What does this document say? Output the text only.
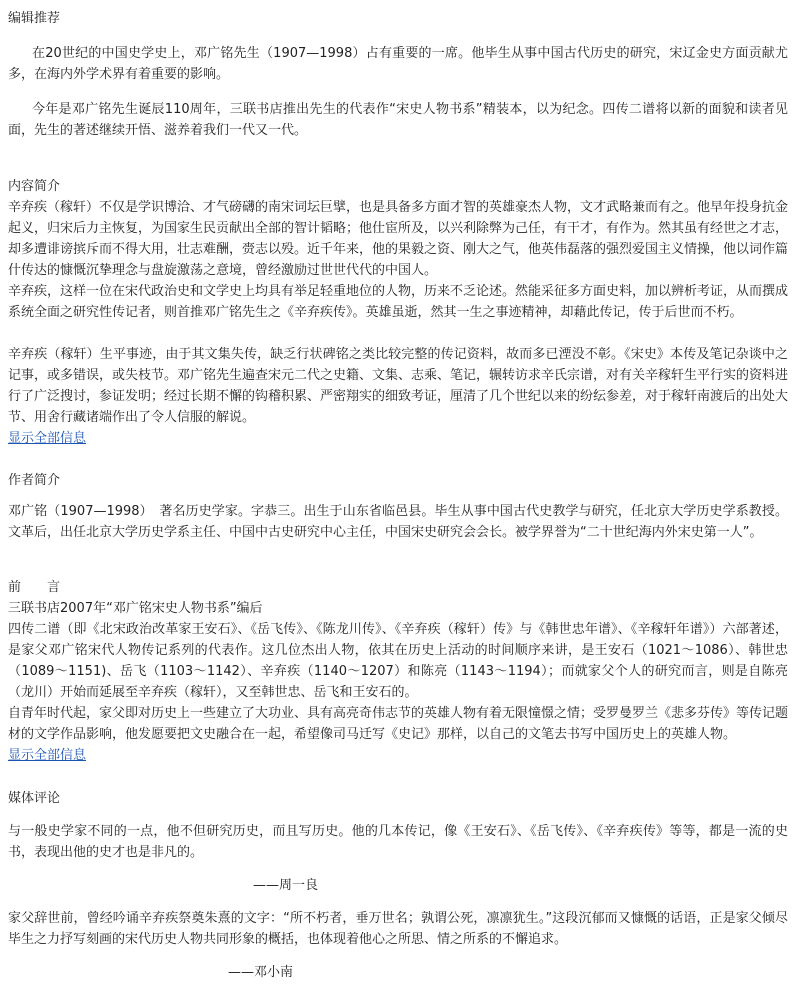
编辑推荐

在20世纪的中国史学史上，邓广铭先生（1907—1998）占有重要的一席。他毕生从事中国古代历史的研究，宋辽金史方面贡献尤多，在海内外学术界有着重要的影响。

今年是邓广铭先生诞辰110周年，三联书店推出先生的代表作“宋史人物书系”精装本，以为纪念。四传二谱将以新的面貌和读者见面，先生的著述继续开悟、滋养着我们一代又一代。

内容简介

辛弃疾（稼轩）不仅是学识博洽、才气磅礴的南宋词坛巨擘，也是具备多方面才智的英雄豪杰人物，文才武略兼而有之。他早年投身抗金起义，归宋后力主恢复，为国家生民贡献出全部的智计韬略；他仕宦所及，以兴利除弊为己任，有干才，有作为。然其虽有经世之才志，却多遭诽谤摈斥而不得大用，壮志难酬，赍志以殁。近千年来，他的果毅之资、刚大之气，他英伟磊落的强烈爱国主义情操，他以词作篇什传达的慷慨沉挚理念与盘旋激荡之意境，曾经激励过世世代代的中国人。

辛弃疾，这样一位在宋代政治史和文学史上均具有举足轻重地位的人物，历来不乏论述。然能采征多方面史料，加以辨析考证，从而撰成系统全面之研究性传记者，则首推邓广铭先生之《辛弃疾传》。英雄虽逝，然其一生之事迹精神，却藉此传记，传于后世而不朽。

辛弃疾（稼轩）生平事迹，由于其文集失传，缺乏行状碑铭之类比较完整的传记资料，故而多已湮没不彰。《宋史》本传及笔记杂谈中之记事，或多错误，或失枝节。邓广铭先生遍查宋元二代之史籍、文集、志乘、笔记，辗转访求辛氏宗谱，对有关辛稼轩生平行实的资料进行了广泛搜讨，参证发明；经过长期不懈的钩稽积累、严密翔实的细致考证，厘清了几个世纪以来的纷纭参差，对于稼轩南渡后的出处大节、用舍行藏诸端作出了令人信服的解说。

显示全部信息
作者简介

邓广铭（1907—1998）　著名历史学家。字恭三。出生于山东省临邑县。毕生从事中国古代史教学与研究，任北京大学历史学系教授。文革后，出任北京大学历史学系主任、中国中古史研究中心主任，中国宋史研究会会长。被学界誉为“二十世纪海内外宋史第一人”。

前　　言

三联书店2007年“邓广铭宋史人物书系”编后

四传二谱（即《北宋政治改革家王安石》、《岳飞传》、《陈龙川传》、《辛弃疾（稼轩）传》与《韩世忠年谱》、《辛稼轩年谱》）六部著述，是家父邓广铭宋代人物传记系列的代表作。这几位杰出人物，依其在历史上活动的时间顺序来讲，是王安石（1021～1086）、韩世忠（1089～1151)、岳飞（1103～1142）、辛弃疾（1140～1207）和陈亮（1143～1194）；而就家父个人的研究而言，则是自陈亮（龙川）开始而延展至辛弃疾（稼轩），又至韩世忠、岳飞和王安石的。

自青年时代起，家父即对历史上一些建立了大功业、具有高亮奇伟志节的英雄人物有着无限憧憬之情；受罗曼罗兰《悲多芬传》等传记题材的文学作品影响，他发愿要把文史融合在一起，希望像司马迁写《史记》那样，以自己的文笔去书写中国历史上的英雄人物。

显示全部信息
媒体评论

与一般史学家不同的一点，他不但研究历史，而且写历史。他的几本传记，像《王安石》、《岳飞传》、《辛弃疾传》等等，都是一流的史书，表现出他的史才也是非凡的。

——周一良

家父辞世前，曾经吟诵辛弃疾祭奠朱熹的文字：“所不朽者，垂万世名；孰谓公死，凛凛犹生。”这段沉郁而又慷慨的话语，正是家父倾尽毕生之力抒写刻画的宋代历史人物共同形象的概括，也体现着他心之所思、情之所系的不懈追求。

——邓小南
